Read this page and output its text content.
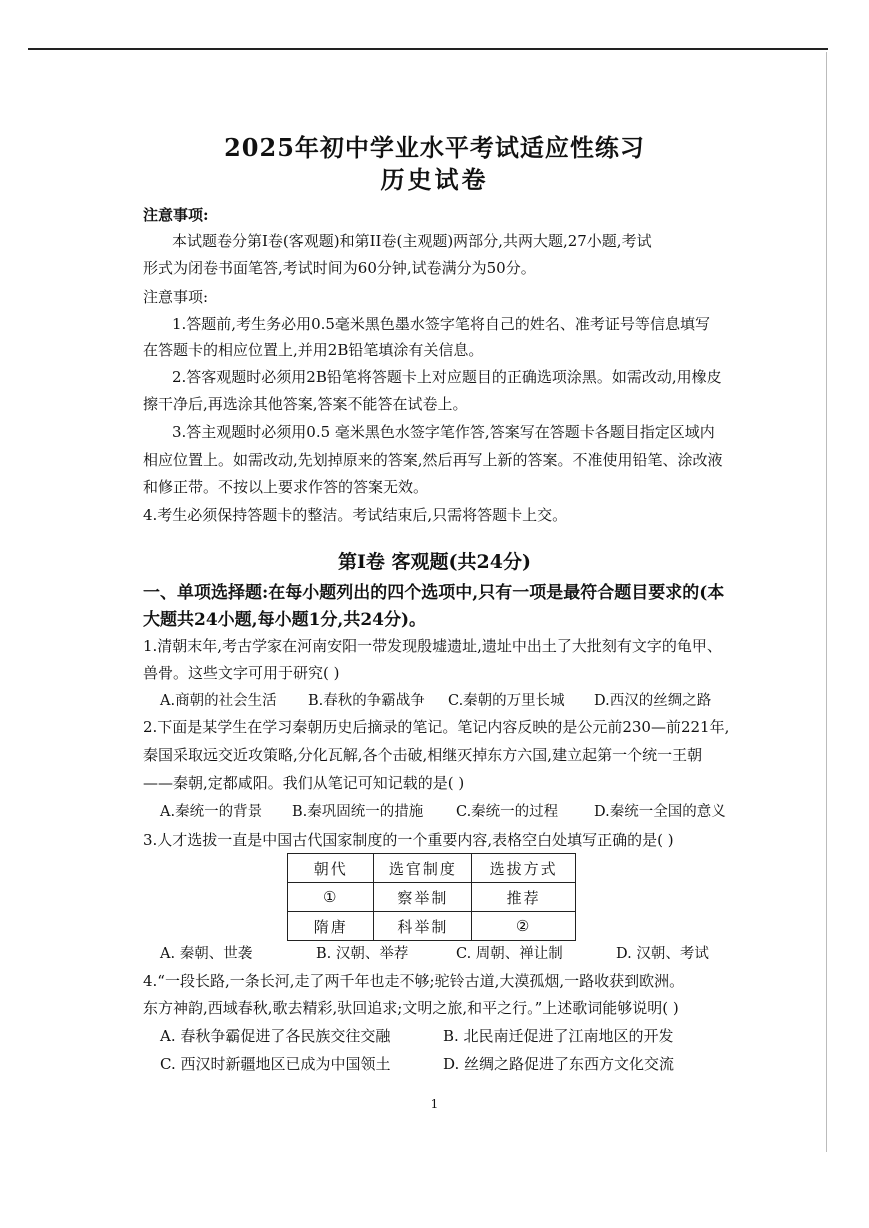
2025年初中学业水平考试适应性练习
历史试卷
注意事项:
本试题卷分第I卷(客观题)和第II卷(主观题)两部分,共两大题,27小题,考试
形式为闭卷书面笔答,考试时间为60分钟,试卷满分为50分。
注意事项:
1.答题前,考生务必用0.5毫米黑色墨水签字笔将自己的姓名、准考证号等信息填写
在答题卡的相应位置上,并用2B铅笔填涂有关信息。
2.答客观题时必须用2B铅笔将答题卡上对应题目的正确选项涂黑。如需改动,用橡皮
擦干净后,再选涂其他答案,答案不能答在试卷上。
3.答主观题时必须用0.5 毫米黑色水签字笔作答,答案写在答题卡各题目指定区域内
相应位置上。如需改动,先划掉原来的答案,然后再写上新的答案。不准使用铅笔、涂改液
和修正带。不按以上要求作答的答案无效。
4.考生必须保持答题卡的整洁。考试结束后,只需将答题卡上交。
第I卷 客观题(共24分)
一、单项选择题:在每小题列出的四个选项中,只有一项是最符合题目要求的(本
大题共24小题,每小题1分,共24分)。
1.清朝末年,考古学家在河南安阳一带发现殷墟遗址,遗址中出土了大批刻有文字的龟甲、
兽骨。这些文字可用于研究( )
A.商朝的社会生活	B.春秋的争霸战争	C.秦朝的万里长城	D.西汉的丝绸之路
2.下面是某学生在学习秦朝历史后摘录的笔记。笔记内容反映的是公元前230—前221年,
秦国采取远交近攻策略,分化瓦解,各个击破,相继灭掉东方六国,建立起第一个统一王朝
——秦朝,定都咸阳。我们从笔记可知记载的是( )
A.秦统一的背景	B.秦巩固统一的措施	C.秦统一的过程	D.秦统一全国的意义
3.人才选拔一直是中国古代国家制度的一个重要内容,表格空白处填写正确的是( )
朝代	选官制度	选拔方式
①	察举制	推荐
隋唐	科举制	②
A. 秦朝、世袭	B. 汉朝、举荐	C. 周朝、禅让制	D. 汉朝、考试
4.“一段长路,一条长河,走了两千年也走不够;驼铃古道,大漠孤烟,一路收获到欧洲。
东方神韵,西域春秋,歌去精彩,驮回追求;文明之旅,和平之行。”上述歌词能够说明( )
A. 春秋争霸促进了各民族交往交融	B. 北民南迁促进了江南地区的开发
C. 西汉时新疆地区已成为中国领土	D. 丝绸之路促进了东西方文化交流
1
